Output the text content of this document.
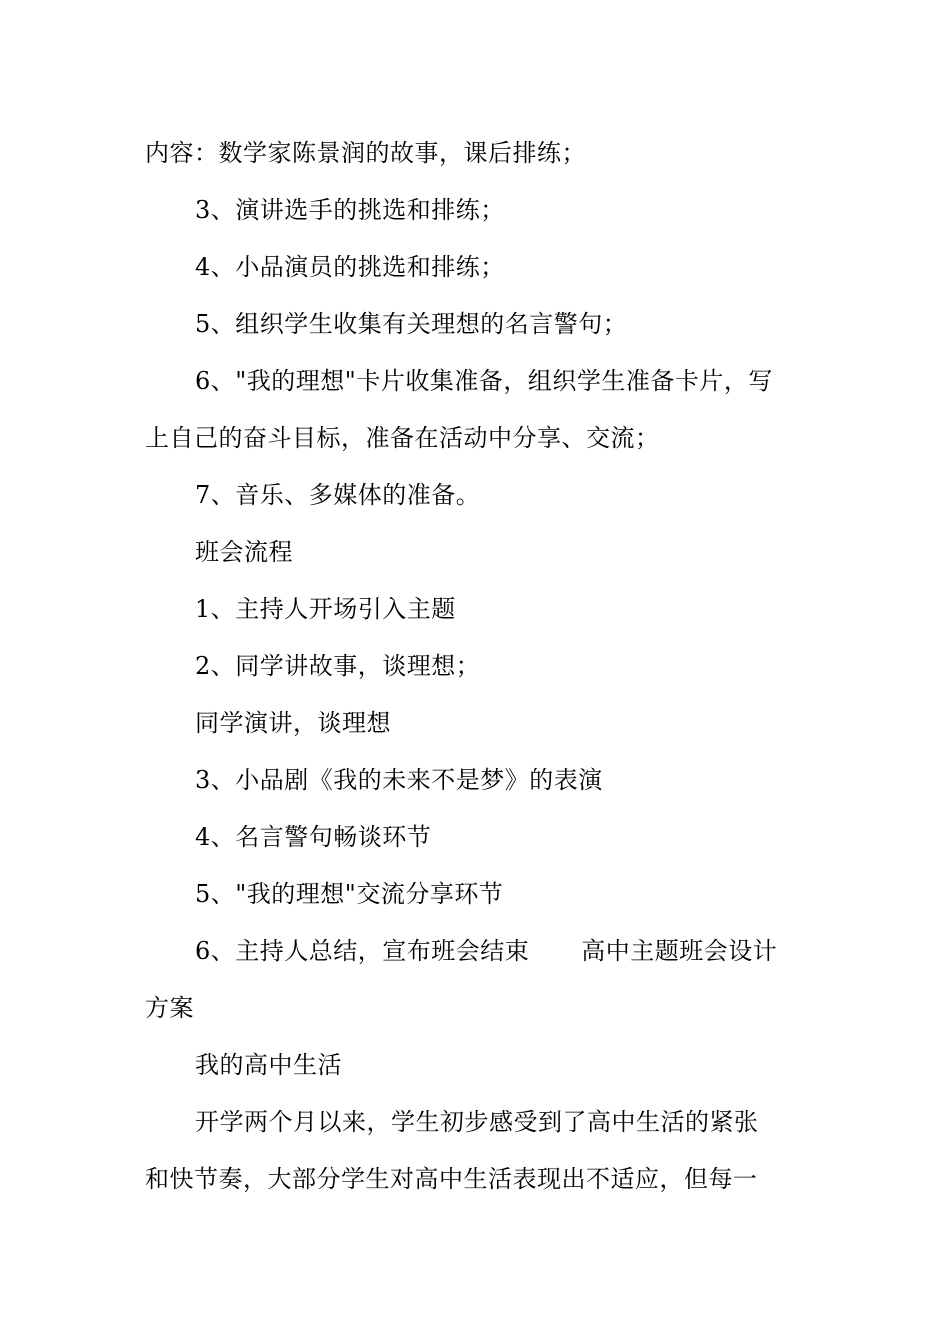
内容：数学家陈景润的故事，课后排练；
3、演讲选手的挑选和排练；
4、小品演员的挑选和排练；
5、组织学生收集有关理想的名言警句；
6、"我的理想"卡片收集准备，组织学生准备卡片，写
上自己的奋斗目标，准备在活动中分享、交流；
7、音乐、多媒体的准备。
班会流程
1、主持人开场引入主题
2、同学讲故事，谈理想；
同学演讲，谈理想
3、小品剧《我的未来不是梦》的表演
4、名言警句畅谈环节
5、"我的理想"交流分享环节
6、主持人总结，宣布班会结束 高中主题班会设计
方案
我的高中生活
开学两个月以来，学生初步感受到了高中生活的紧张
和快节奏，大部分学生对高中生活表现出不适应，但每一
